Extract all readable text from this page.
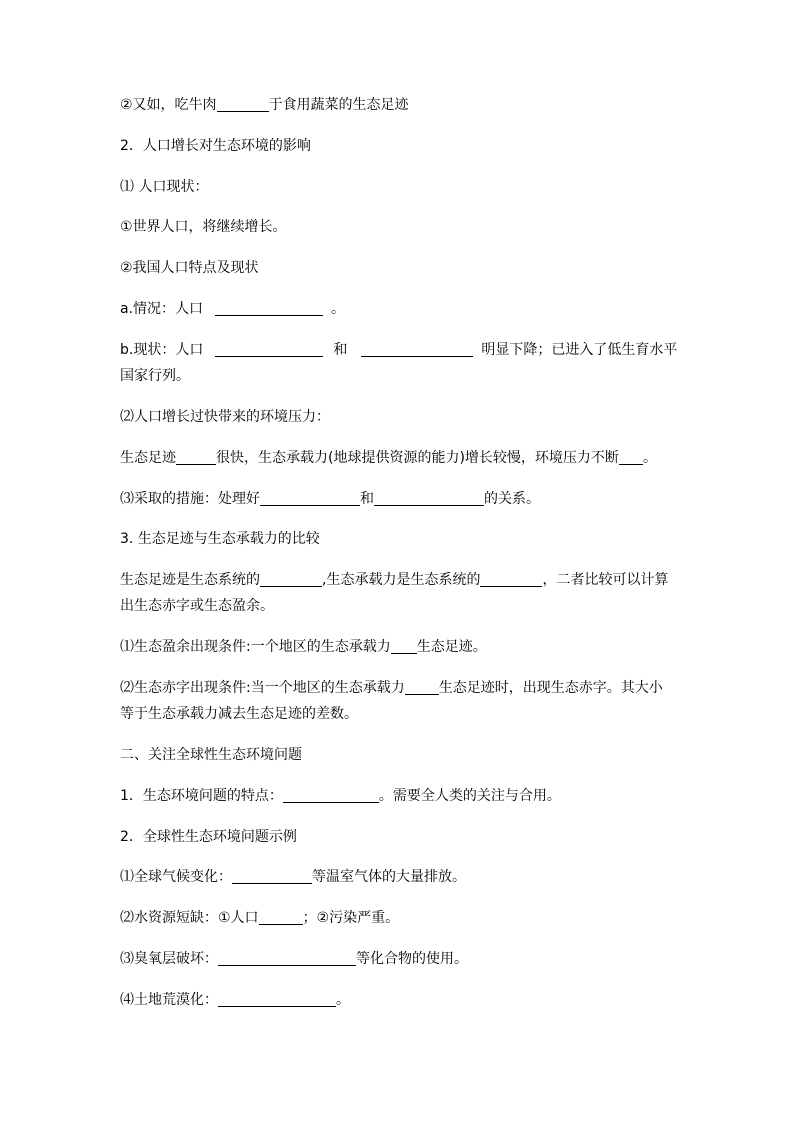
②又如，吃牛肉	于食用蔬菜的生态足迹
2．人口增长对生态环境的影响
⑴ 人口现状：
①世界人口，将继续增长。
②我国人口特点及现状
a.情况：人口	。
b.现状：人口	和	明显下降；已进入了低生育水平
国家行列。
⑵人口增长过快带来的环境压力：
生态足迹	很快，生态承载力(地球提供资源的能力)增长较慢，环境压力不断 。
⑶采取的措施：处理好	和	的关系。
3. 生态足迹与生态承载力的比较
生态足迹是生态系统的	,生态承载力是生态系统的	，二者比较可以计算
出生态赤字或生态盈余。
⑴生态盈余出现条件:一个地区的生态承载力 生态足迹。
⑵生态赤字出现条件:当一个地区的生态承载力 生态足迹时，出现生态赤字。其大小
等于生态承载力减去生态足迹的差数。
二、关注全球性生态环境问题
1．生态环境问题的特点：	。需要全人类的关注与合用。
2．全球性生态环境问题示例
⑴全球气候变化：	等温室气体的大量排放。
⑵水资源短缺：①人口	；②污染严重。
⑶臭氧层破坏：	等化合物的使用。
⑷土地荒漠化：	。
